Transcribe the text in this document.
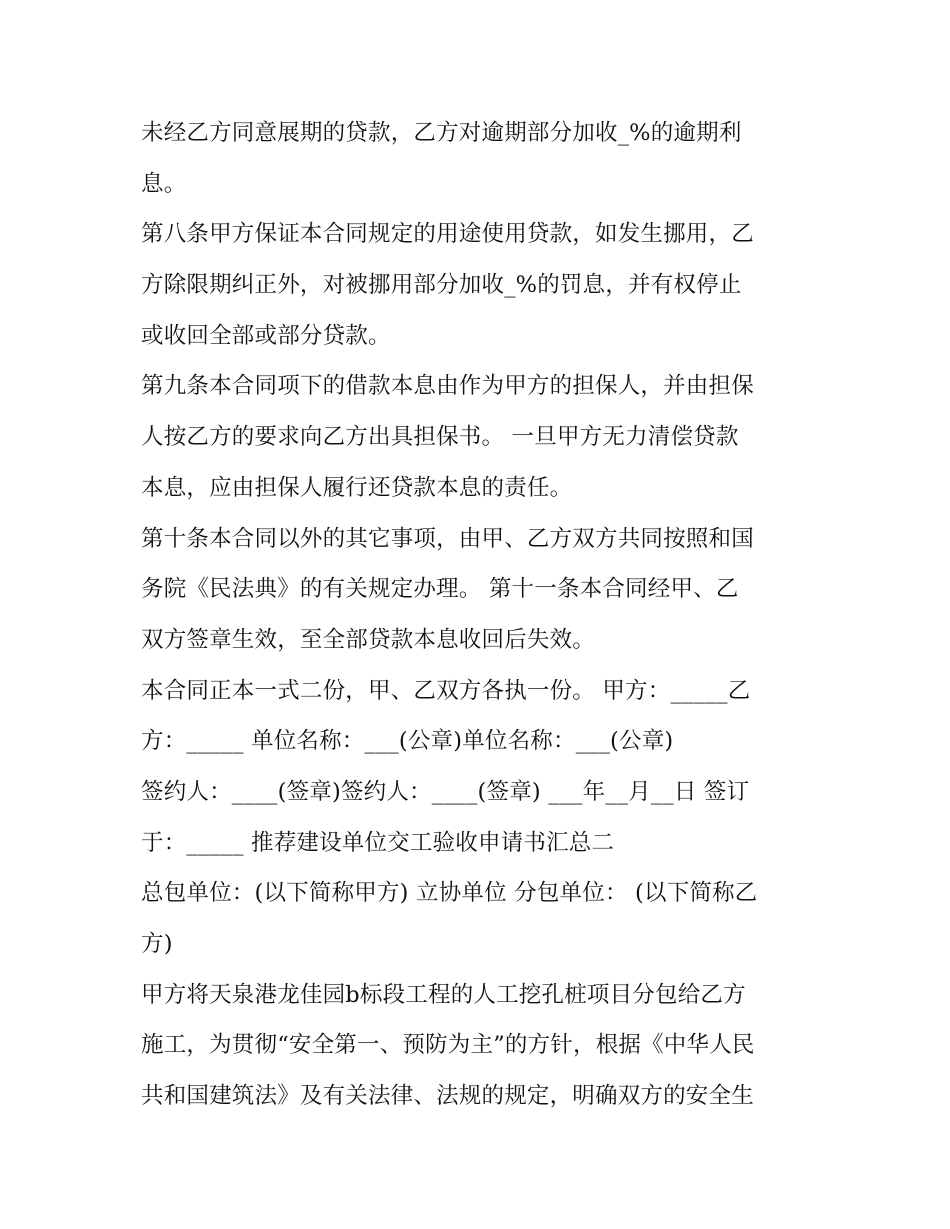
未经乙方同意展期的贷款，乙方对逾期部分加收_%的逾期利
息。
第八条甲方保证本合同规定的用途使用贷款，如发生挪用，乙
方除限期纠正外，对被挪用部分加收_%的罚息，并有权停止
或收回全部或部分贷款。
第九条本合同项下的借款本息由作为甲方的担保人，并由担保
人按乙方的要求向乙方出具担保书。 一旦甲方无力清偿贷款
本息，应由担保人履行还贷款本息的责任。
第十条本合同以外的其它事项，由甲、乙方双方共同按照和国
务院《民法典》的有关规定办理。 第十一条本合同经甲、乙
双方签章生效，至全部贷款本息收回后失效。
本合同正本一式二份，甲、乙双方各执一份。 甲方：_____乙
方：_____ 单位名称：___(公章)单位名称：___(公章)
签约人：____(签章)签约人：____(签章) ___年__月__日 签订
于：_____ 推荐建设单位交工验收申请书汇总二
总包单位：(以下简称甲方) 立协单位 分包单位： (以下简称乙
方)
甲方将天泉港龙佳园b标段工程的人工挖孔桩项目分包给乙方
施工，为贯彻“安全第一、预防为主”的方针，根据《中华人民
共和国建筑法》及有关法律、法规的规定，明确双方的安全生
